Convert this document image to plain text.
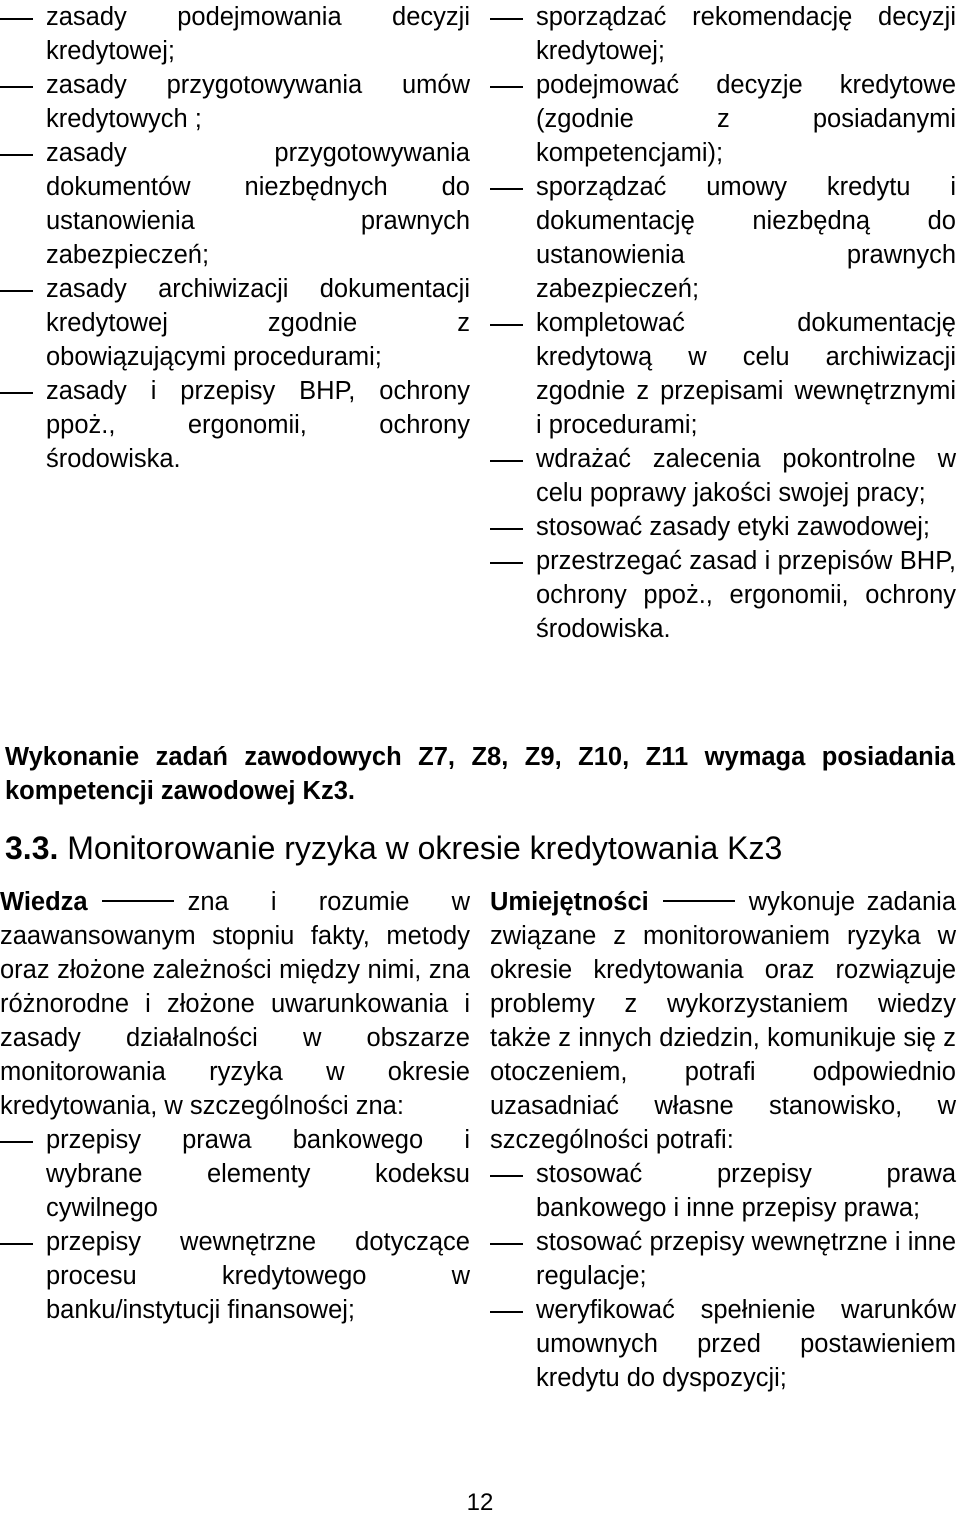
zasady podejmowania decyzji kredytowej;
zasady przygotowywania umów kredytowych ;
zasady przygotowywania dokumentów niezbędnych do ustanowienia prawnych zabezpieczeń;
zasady archiwizacji dokumentacji kredytowej zgodnie z obowiązującymi procedurami;
zasady i przepisy BHP, ochrony ppoż., ergonomii, ochrony środowiska.
sporządzać rekomendację decyzji kredytowej;
podejmować decyzje kredytowe (zgodnie z posiadanymi kompetencjami);
sporządzać umowy kredytu i dokumentację niezbędną do ustanowienia prawnych zabezpieczeń;
kompletować dokumentację kredytową w celu archiwizacji zgodnie z przepisami wewnętrznymi i procedurami;
wdrażać zalecenia pokontrolne w celu poprawy jakości swojej pracy;
stosować zasady etyki zawodowej;
przestrzegać zasad i przepisów BHP, ochrony ppoż., ergonomii, ochrony środowiska.
Wykonanie zadań zawodowych Z7, Z8, Z9, Z10, Z11 wymaga posiadania kompetencji zawodowej Kz3.
3.3. Monitorowanie ryzyka w okresie kredytowania Kz3
Wiedza	zna i rozumie w zaawansowanym stopniu fakty, metody oraz złożone zależności między nimi, zna różnorodne i złożone uwarunkowania i zasady działalności w obszarze monitorowania ryzyka w okresie kredytowania, w szczególności zna:
przepisy prawa bankowego i wybrane elementy kodeksu cywilnego
przepisy wewnętrzne dotyczące procesu kredytowego w banku/instytucji finansowej;
Umiejętności	wykonuje zadania związane z monitorowaniem ryzyka w okresie kredytowania oraz rozwiązuje problemy z wykorzystaniem wiedzy także z innych dziedzin, komunikuje się z otoczeniem, potrafi odpowiednio uzasadniać własne stanowisko, w szczególności potrafi:
stosować przepisy prawa bankowego i inne przepisy prawa;
stosować przepisy wewnętrzne i inne regulacje;
weryfikować spełnienie warunków umownych przed postawieniem kredytu do dyspozycji;
12
